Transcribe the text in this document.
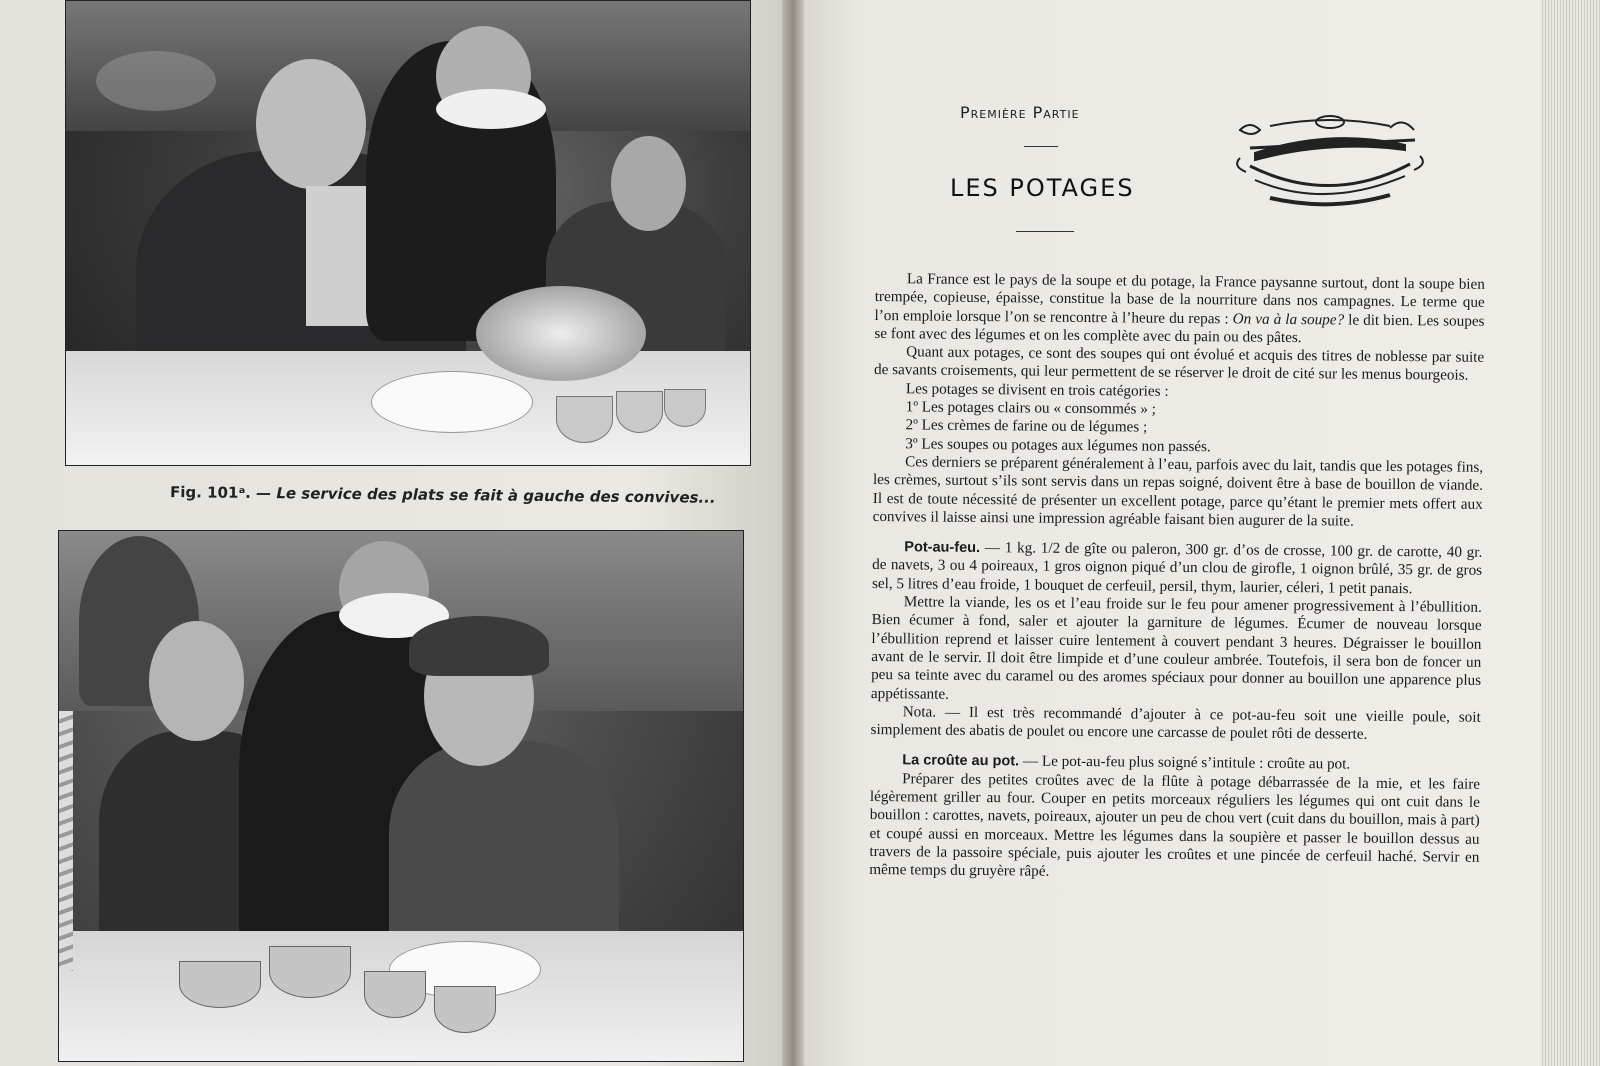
Fig. 101ᵃ. — Le service des plats se fait à gauche des convives...
Première Partie
LES POTAGES

La France est le pays de la soupe et du potage, la France paysanne surtout, dont la soupe bien trempée, copieuse, épaisse, constitue la base de la nourriture dans nos campagnes. Le terme que l’on emploie lorsque l’on se rencontre à l’heure du repas : On va à la soupe? le dit bien. Les soupes se font avec des légumes et on les complète avec du pain ou des pâtes.

Quant aux potages, ce sont des soupes qui ont évolué et acquis des titres de noblesse par suite de savants croisements, qui leur permettent de se réserver le droit de cité sur les menus bourgeois.

Les potages se divisent en trois catégories :

1º Les potages clairs ou « consommés » ;

2º Les crèmes de farine ou de légumes ;

3º Les soupes ou potages aux légumes non passés.

Ces derniers se préparent généralement à l’eau, parfois avec du lait, tandis que les potages fins, les crèmes, surtout s’ils sont servis dans un repas soigné, doivent être à base de bouillon de viande. Il est de toute nécessité de présenter un excellent potage, parce qu’étant le premier mets offert aux convives il laisse ainsi une impression agréable faisant bien augurer de la suite.

Pot-au-feu. — 1 kg. 1/2 de gîte ou paleron, 300 gr. d’os de crosse, 100 gr. de carotte, 40 gr. de navets, 3 ou 4 poireaux, 1 gros oignon piqué d’un clou de girofle, 1 oignon brûlé, 35 gr. de gros sel, 5 litres d’eau froide, 1 bouquet de cerfeuil, persil, thym, laurier, céleri, 1 petit panais.

Mettre la viande, les os et l’eau froide sur le feu pour amener progressivement à l’ébullition. Bien écumer à fond, saler et ajouter la garniture de légumes. Écumer de nouveau lorsque l’ébullition reprend et laisser cuire lentement à couvert pendant 3 heures. Dégraisser le bouillon avant de le servir. Il doit être limpide et d’une couleur ambrée. Toutefois, il sera bon de foncer un peu sa teinte avec du caramel ou des aromes spéciaux pour donner au bouillon une apparence plus appétissante.

Nota. — Il est très recommandé d’ajouter à ce pot-au-feu soit une vieille poule, soit simplement des abatis de poulet ou encore une carcasse de poulet rôti de desserte.

La croûte au pot. — Le pot-au-feu plus soigné s’intitule : croûte au pot.

Préparer des petites croûtes avec de la flûte à potage débarrassée de la mie, et les faire légèrement griller au four. Couper en petits morceaux réguliers les légumes qui ont cuit dans le bouillon : carottes, navets, poireaux, ajouter un peu de chou vert (cuit dans du bouillon, mais à part) et coupé aussi en morceaux. Mettre les légumes dans la soupière et passer le bouillon dessus au travers de la passoire spéciale, puis ajouter les croûtes et une pincée de cerfeuil haché. Servir en même temps du gruyère râpé.
